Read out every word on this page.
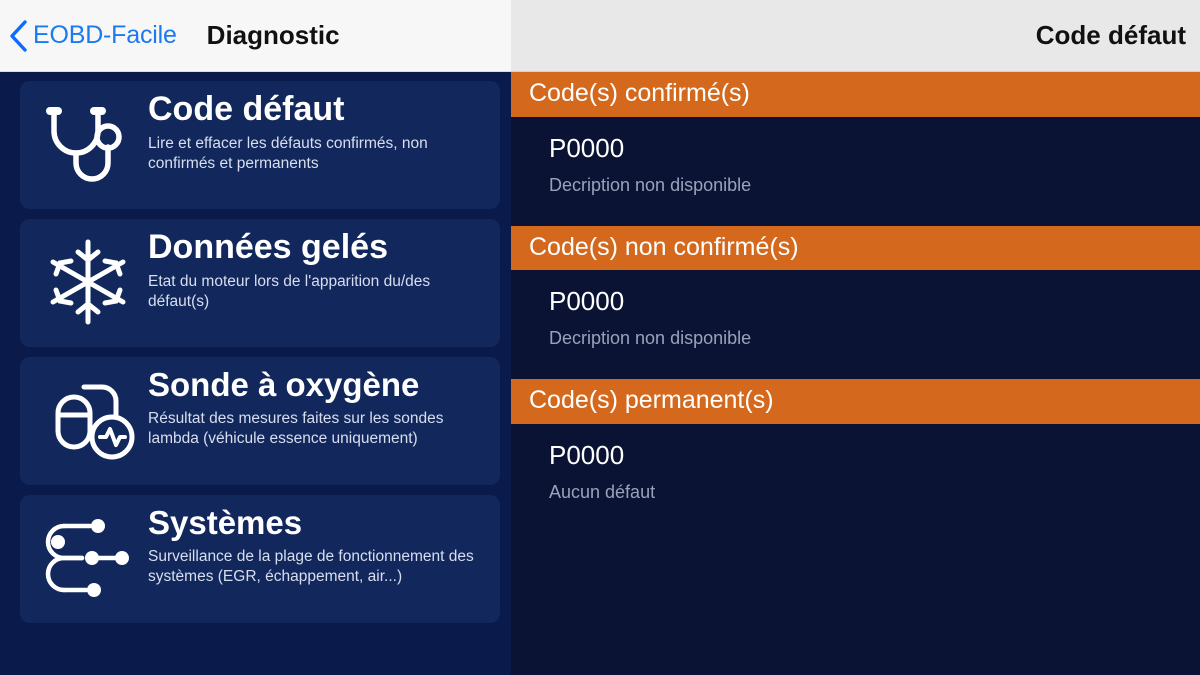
EOBD-Facile Diagnostic	Code défaut
Code défaut
Lire et effacer les défauts confirmés, non confirmés et permanents
Données gelés
Etat du moteur lors de l'apparition du/des défaut(s)
Sonde à oxygène
Résultat des mesures faites sur les sondes lambda (véhicule essence uniquement)
Systèmes
Surveillance de la plage de fonctionnement des systèmes (EGR, échappement, air...)
Code(s) confirmé(s)
P0000
Decription non disponible
Code(s) non confirmé(s)
P0000
Decription non disponible
Code(s) permanent(s)
P0000
Aucun défaut
